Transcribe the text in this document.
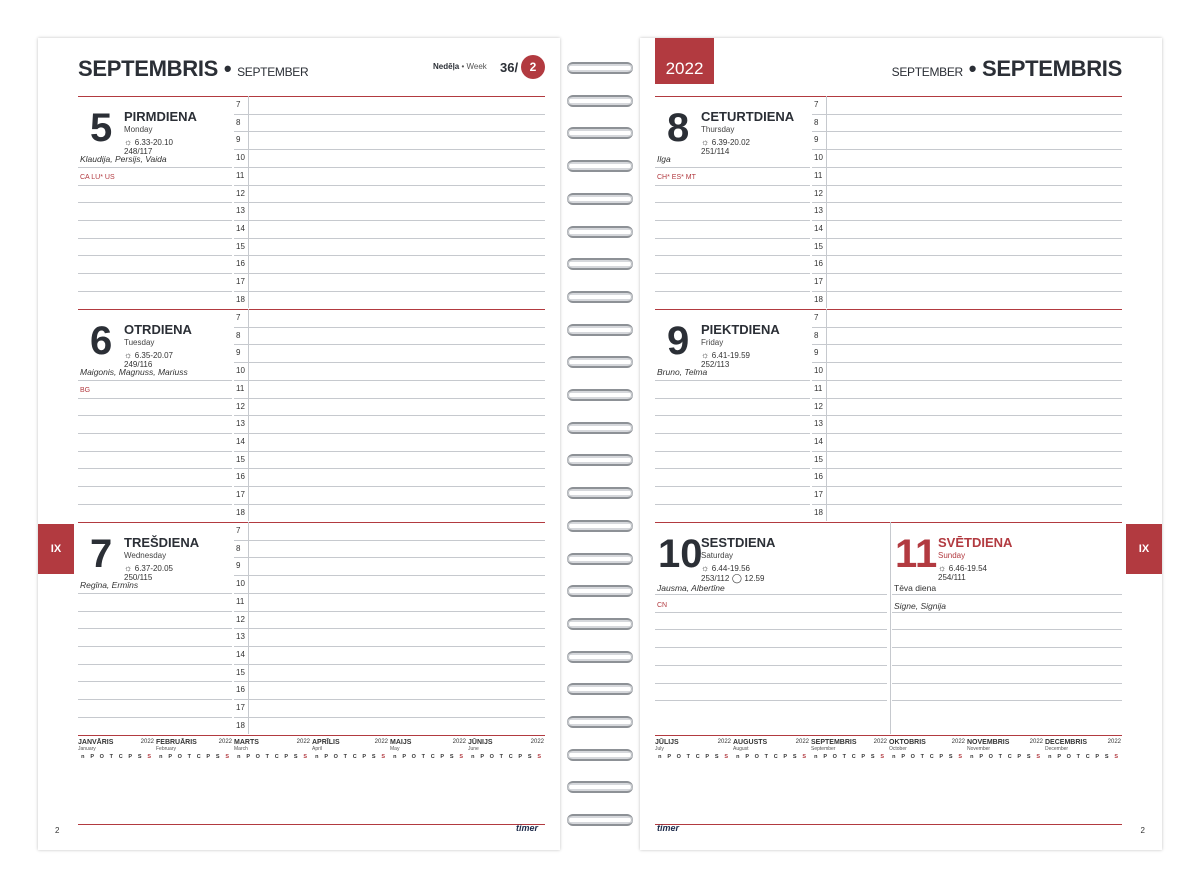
SEPTEMBRIS • SEPTEMBER	Nedēļa • Week 36/ 2
7
8
9
10
11
12
13
14
15
16
17
18
5 PIRMDIENA
Monday
☼ 6.33-20.10
248/117
Klaudija, Persijs, Vaida
CA LU* US
7
8
9
10
11
12
13
14
15
16
17
18
6 OTRDIENA
Tuesday
☼ 6.35-20.07
249/116
Maigonis, Magnuss, Mariuss
BG
7
8
9
10
11
12
13
14
15
16
17
18
7 TREŠDIENA
Wednesday
☼ 6.37-20.05
250/115
Regīna, Ermīns
JANVĀRIS	2022
January
n	P	O	T	C	P	S	S
FEBRUĀRIS	2022
February
n	P	O	T	C	P	S	S
MARTS	2022
March
n	P	O	T	C	P	S	S
APRĪLIS	2022
April
n	P	O	T	C	P	S	S
MAIJS	2022
May
n	P	O	T	C	P	S	S
JŪNIJS	2022
June
n	P	O	T	C	P	S	S
2	timer
IX
2022	SEPTEMBER • SEPTEMBRIS
7
8
9
10
11
12
13
14
15
16
17
18
8 CETURTDIENA
Thursday
☼ 6.39-20.02
251/114
Ilga
CH* ES* MT
7
8
9
10
11
12
13
14
15
16
17
18
9 PIEKTDIENA
Friday
☼ 6.41-19.59
252/113
Bruno, Telma
10
SESTDIENA
Saturday
☼ 6.44-19.56
253/112 ◯ 12.59
Jausma, Albertīne
CN
11 SVĒTDIENA
Sunday
☼ 6.46-19.54
254/111
Tēva diena
Signe, Signija
JŪLIJS	2022
July
n	P	O	T	C	P	S	S
AUGUSTS	2022
August
n	P	O	T	C	P	S	S
SEPTEMBRIS	2022
September
n	P	O	T	C	P	S	S
OKTOBRIS	2022
October
n	P	O	T	C	P	S	S
NOVEMBRIS	2022
November
n	P	O	T	C	P	S	S
DECEMBRIS	2022
December
n	P	O	T	C	P	S	S
2
timer
IX
